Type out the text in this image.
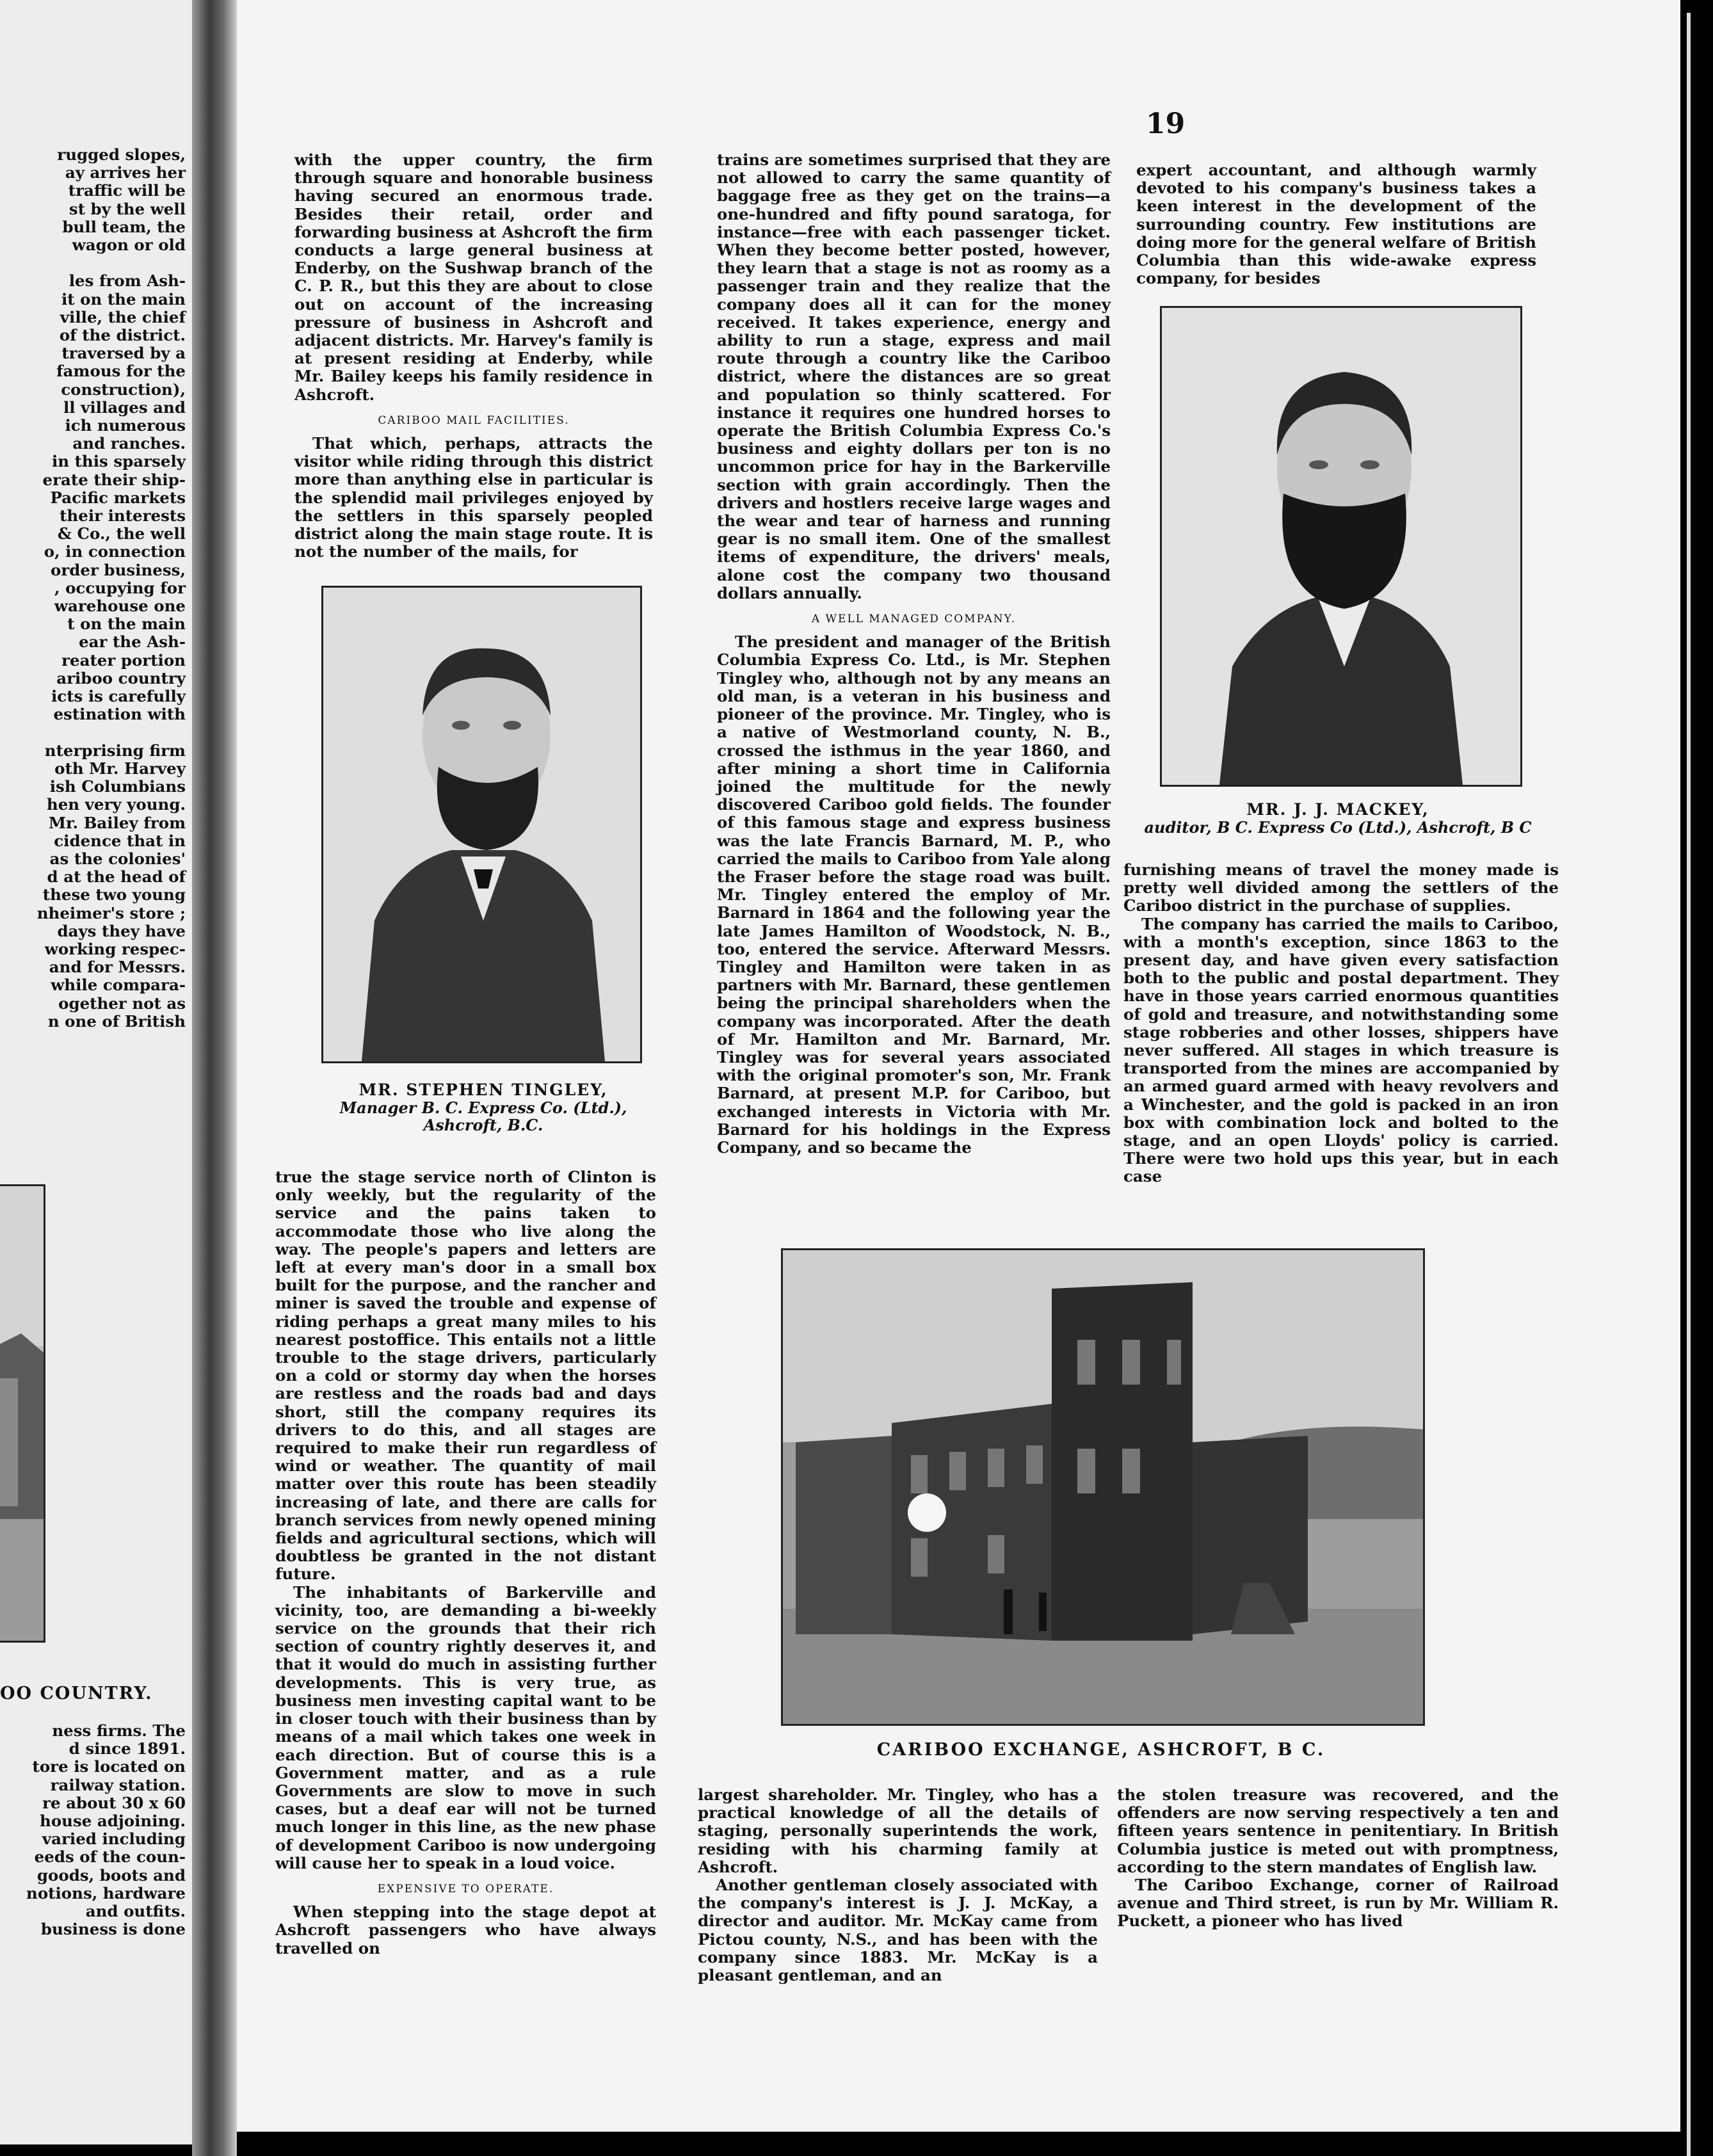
rugged slopes,
ay arrives her
traffic will be
st by the well
bull team, the
wagon or old

les from Ash-
it on the main
ville, the chief
of the district.
traversed by a
famous for the
construction),
ll villages and
ich numerous
and ranches.
in this sparsely
erate their ship-
Pacific markets
their interests
& Co., the well
o, in connection
order business,
, occupying for
warehouse one
t on the main
ear the Ash-
reater portion
ariboo country
icts is carefully
estination with

nterprising firm
oth Mr. Harvey
ish Columbians
hen very young.
Mr. Bailey from
cidence that in
as the colonies'
d at the head of
these two young
nheimer's store ;
days they have
working respec-
and for Messrs.
while compara-
ogether not as
n one of British
OO COUNTRY.
ness firms. The
d since 1891.
tore is located on
railway station.
re about 30 x 60
house adjoining.
varied including
eeds of the coun-
goods, boots and
notions, hardware
and outfits.
business is done
19

with the upper country, the firm through square and honorable business having secured an enormous trade. Besides their retail, order and forwarding business at Ashcroft the firm conducts a large general business at Enderby, on the Sushwap branch of the C. P. R., but this they are about to close out on account of the increasing pressure of business in Ashcroft and adjacent districts. Mr. Harvey's family is at present residing at Enderby, while Mr. Bailey keeps his family residence in Ashcroft.

CARIBOO MAIL FACILITIES.

That which, perhaps, attracts the visitor while riding through this district more than anything else in particular is the splendid mail privileges enjoyed by the settlers in this sparsely peopled district along the main stage route. It is not the number of the mails, for

MR. STEPHEN TINGLEY,
Manager B. C. Express Co. (Ltd.), Ashcroft, B.C.

true the stage service north of Clinton is only weekly, but the regularity of the service and the pains taken to accommodate those who live along the way. The people's papers and letters are left at every man's door in a small box built for the purpose, and the rancher and miner is saved the trouble and expense of riding perhaps a great many miles to his nearest postoffice. This entails not a little trouble to the stage drivers, particularly on a cold or stormy day when the horses are restless and the roads bad and days short, still the company requires its drivers to do this, and all stages are required to make their run regardless of wind or weather. The quantity of mail matter over this route has been steadily increasing of late, and there are calls for branch services from newly opened mining fields and agricultural sections, which will doubtless be granted in the not distant future.

The inhabitants of Barkerville and vicinity, too, are demanding a bi-weekly service on the grounds that their rich section of country rightly deserves it, and that it would do much in assisting further developments. This is very true, as business men investing capital want to be in closer touch with their business than by means of a mail which takes one week in each direction. But of course this is a Government matter, and as a rule Governments are slow to move in such cases, but a deaf ear will not be turned much longer in this line, as the new phase of development Cariboo is now undergoing will cause her to speak in a loud voice.

EXPENSIVE TO OPERATE.

When stepping into the stage depot at Ashcroft passengers who have always travelled on

trains are sometimes surprised that they are not allowed to carry the same quantity of baggage free as they get on the trains—a one-hundred and fifty pound saratoga, for instance—free with each passenger ticket. When they become better posted, however, they learn that a stage is not as roomy as a passenger train and they realize that the company does all it can for the money received. It takes experience, energy and ability to run a stage, express and mail route through a country like the Cariboo district, where the distances are so great and population so thinly scattered. For instance it requires one hundred horses to operate the British Columbia Express Co.'s business and eighty dollars per ton is no uncommon price for hay in the Barkerville section with grain accordingly. Then the drivers and hostlers receive large wages and the wear and tear of harness and running gear is no small item. One of the smallest items of expenditure, the drivers' meals, alone cost the company two thousand dollars annually.

A WELL MANAGED COMPANY.

The president and manager of the British Columbia Express Co. Ltd., is Mr. Stephen Tingley who, although not by any means an old man, is a veteran in his business and pioneer of the province. Mr. Tingley, who is a native of Westmorland county, N. B., crossed the isthmus in the year 1860, and after mining a short time in California joined the multitude for the newly discovered Cariboo gold fields. The founder of this famous stage and express business was the late Francis Barnard, M. P., who carried the mails to Cariboo from Yale along the Fraser before the stage road was built. Mr. Tingley entered the employ of Mr. Barnard in 1864 and the following year the late James Hamilton of Woodstock, N. B., too, entered the service. Afterward Messrs. Tingley and Hamilton were taken in as partners with Mr. Barnard, these gentlemen being the principal shareholders when the company was incorporated. After the death of Mr. Hamilton and Mr. Barnard, Mr. Tingley was for several years associated with the original promoter's son, Mr. Frank Barnard, at present M.P. for Cariboo, but exchanged interests in Victoria with Mr. Barnard for his holdings in the Express Company, and so became the

expert accountant, and although warmly devoted to his company's business takes a keen interest in the development of the surrounding country. Few institutions are doing more for the general welfare of British Columbia than this wide-awake express company, for besides

MR. J. J. MACKEY,
auditor, B C. Express Co (Ltd.), Ashcroft, B C

furnishing means of travel the money made is pretty well divided among the settlers of the Cariboo district in the purchase of supplies.

The company has carried the mails to Cariboo, with a month's exception, since 1863 to the present day, and have given every satisfaction both to the public and postal department. They have in those years carried enormous quantities of gold and treasure, and notwithstanding some stage robberies and other losses, shippers have never suffered. All stages in which treasure is transported from the mines are accompanied by an armed guard armed with heavy revolvers and a Winchester, and the gold is packed in an iron box with combination lock and bolted to the stage, and an open Lloyds' policy is carried. There were two hold ups this year, but in each case

CARIBOO EXCHANGE, ASHCROFT, B C.

largest shareholder. Mr. Tingley, who has a practical knowledge of all the details of staging, personally superintends the work, residing with his charming family at Ashcroft.

Another gentleman closely associated with the company's interest is J. J. McKay, a director and auditor. Mr. McKay came from Pictou county, N.S., and has been with the company since 1883. Mr. McKay is a pleasant gentleman, and an

the stolen treasure was recovered, and the offenders are now serving respectively a ten and fifteen years sentence in penitentiary. In British Columbia justice is meted out with promptness, according to the stern mandates of English law.

The Cariboo Exchange, corner of Railroad avenue and Third street, is run by Mr. William R. Puckett, a pioneer who has lived
